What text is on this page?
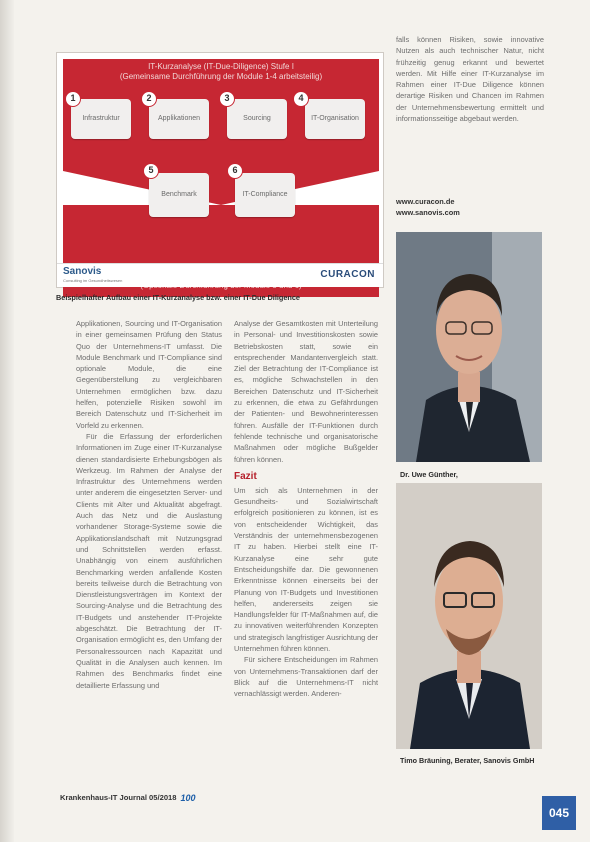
IT-Kurzanalyse (IT-Due-Diligence) Stufe I
(Gemeinsame Durchführung der Module 1-4 arbeitsteilig)
Infrastruktur
1
Applikationen
2
Sourcing
3
IT-Organisation
4
Benchmark
5
IT-Compliance
6
Sanovis
Consulting im Gesundheitswesen
CURACON
Beispielhafter Aufbau einer IT-Kurzanalyse bzw. einer IT-Due Diligence

Applikationen, Sourcing und IT-Organisation in einer gemeinsamen Prüfung den Status Quo der Unternehmens-IT umfasst. Die Module Benchmark und IT-Compliance sind optionale Module, die eine Gegenüberstellung zu vergleichbaren Unternehmen ermöglichen bzw. dazu helfen, potenzielle Risiken sowohl im Bereich Datenschutz und IT-Sicherheit im Vorfeld zu erkennen.

Für die Erfassung der erforderlichen Informationen im Zuge einer IT-Kurzanalyse dienen standardisierte Erhebungsbögen als Werkzeug. Im Rahmen der Analyse der Infrastruktur des Unternehmens werden unter anderem die eingesetzten Server- und Clients mit Alter und Aktualität abgefragt. Auch das Netz und die Auslastung vorhandener Storage-Systeme sowie die Applikationslandschaft mit Nutzungsgrad und Schnittstellen werden erfasst. Unabhängig von einem ausführlichen Benchmarking werden anfallende Kosten bereits teilweise durch die Betrachtung von Dienstleistungsverträgen im Kontext der Sourcing-Analyse und die Betrachtung des IT-Budgets und anstehender IT-Projekte abgeschätzt. Die Betrachtung der IT-Organisation ermöglicht es, den Umfang der Personalressourcen nach Kapazität und Qualität in die Analysen auch kennen. Im Rahmen des Benchmarks findet eine detaillierte Erfassung und

Analyse der Gesamtkosten mit Unterteilung in Personal- und Investitionskosten sowie Betriebskosten statt, sowie ein entsprechender Mandantenvergleich statt. Ziel der Betrachtung der IT-Compliance ist es, mögliche Schwachstellen in den Bereichen Datenschutz und IT-Sicherheit zu erkennen, die etwa zu Gefährdungen der Patienten- und Bewohnerinteressen führen. Ausfälle der IT-Funktionen durch fehlende technische und organisatorische Maßnahmen oder mögliche Bußgelder führen können.

Fazit

Um sich als Unternehmen in der Gesundheits- und Sozialwirtschaft erfolgreich positionieren zu können, ist es von entscheidender Wichtigkeit, das Verständnis der unternehmensbezogenen IT zu haben. Hierbei stellt eine IT-Kurzanalyse eine sehr gute Entscheidungshilfe dar. Die gewonnenen Erkenntnisse können einerseits bei der Planung von IT-Budgets und Investitionen helfen, andererseits zeigen sie Handlungsfelder für IT-Maßnahmen auf, die zu innovativen weiterführenden Konzepten und strategisch langfristiger Ausrichtung der Unternehmen führen können.

Für sichere Entscheidungen im Rahmen von Unternehmens-Transaktionen darf der Blick auf die Unternehmens-IT nicht vernachlässigt werden. Anderen-

falls können Risiken, sowie innovative Nutzen als auch technischer Natur, nicht frühzeitig genug erkannt und bewertet werden. Mit Hilfe einer IT-Kurzanalyse im Rahmen einer IT-Due Diligence können derartige Risiken und Chancen im Rahmen der Unternehmensbewertung ermittelt und informationsseitige abgebaut werden.

www.curacon.de
www.sanovis.com
Dr. Uwe Günther,
Timo Bräuning, Berater, Sanovis GmbH
Krankenhaus-IT Journal 05/2018 100
045
